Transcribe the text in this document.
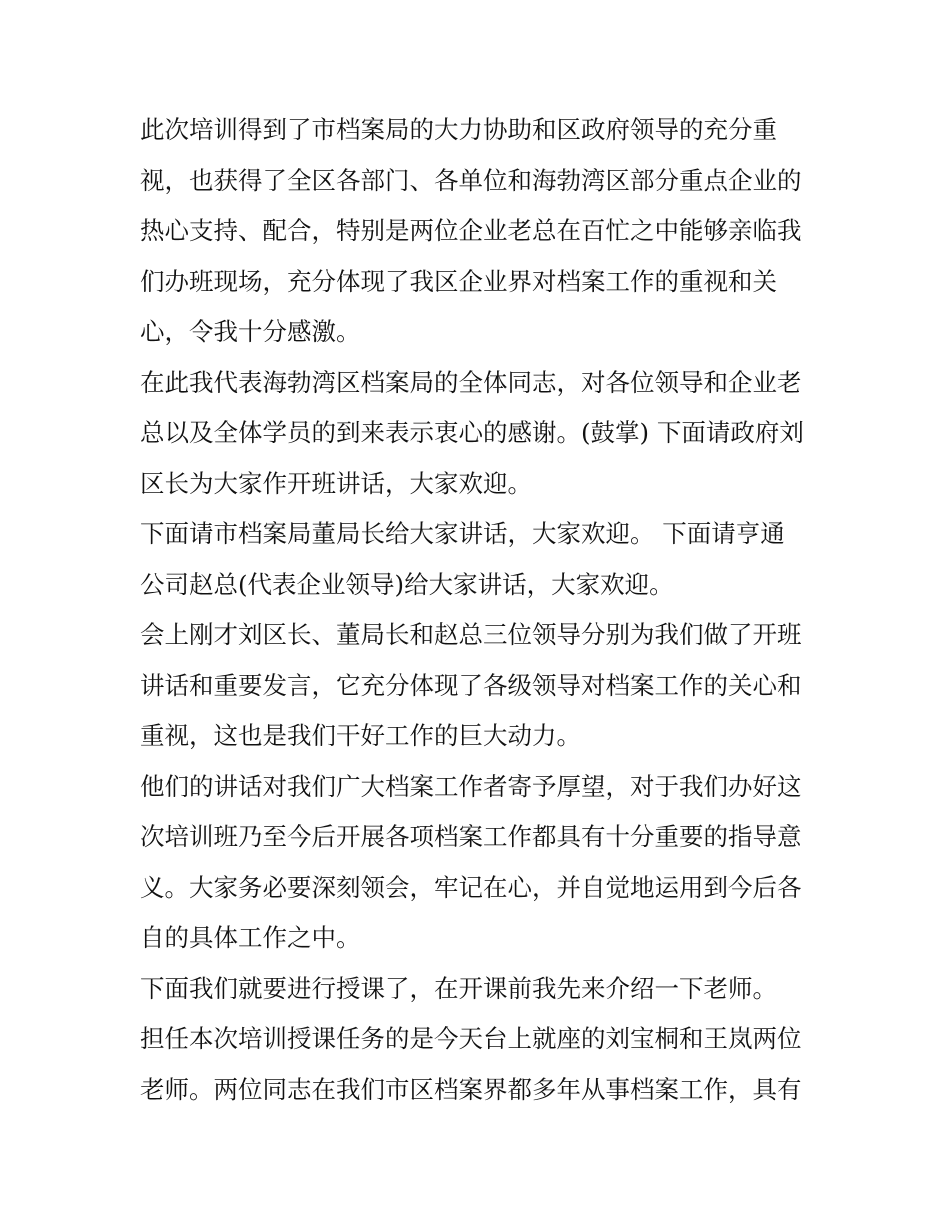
此次培训得到了市档案局的大力协助和区政府领导的充分重
视，也获得了全区各部门、各单位和海勃湾区部分重点企业的
热心支持、配合，特别是两位企业老总在百忙之中能够亲临我
们办班现场，充分体现了我区企业界对档案工作的重视和关
心，令我十分感激。

在此我代表海勃湾区档案局的全体同志，对各位领导和企业老
总以及全体学员的到来表示衷心的感谢。(鼓掌) 下面请政府刘
区长为大家作开班讲话，大家欢迎。

下面请市档案局董局长给大家讲话，大家欢迎。 下面请亨通
公司赵总(代表企业领导)给大家讲话，大家欢迎。

会上刚才刘区长、董局长和赵总三位领导分别为我们做了开班
讲话和重要发言，它充分体现了各级领导对档案工作的关心和
重视，这也是我们干好工作的巨大动力。

他们的讲话对我们广大档案工作者寄予厚望，对于我们办好这
次培训班乃至今后开展各项档案工作都具有十分重要的指导意
义。大家务必要深刻领会，牢记在心，并自觉地运用到今后各
自的具体工作之中。

下面我们就要进行授课了，在开课前我先来介绍一下老师。

担任本次培训授课任务的是今天台上就座的刘宝桐和王岚两位
老师。两位同志在我们市区档案界都多年从事档案工作，具有
